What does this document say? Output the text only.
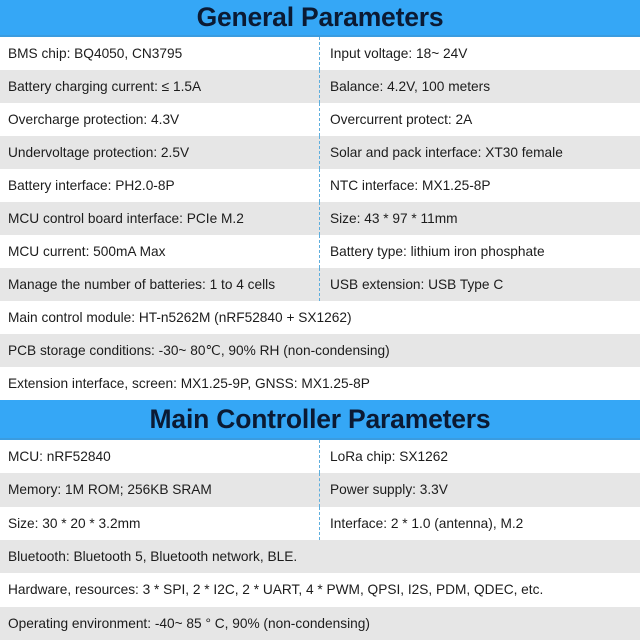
General Parameters
BMS chip: BQ4050, CN3795	Input voltage: 18~ 24V
Battery charging current: ≤ 1.5A	Balance: 4.2V, 100 meters
Overcharge protection: 4.3V	Overcurrent protect: 2A
Undervoltage protection: 2.5V	Solar and pack interface: XT30 female
Battery interface: PH2.0-8P	NTC interface: MX1.25-8P
MCU control board interface: PCIe M.2	Size: 43 * 97 * 11mm
MCU current: 500mA Max	Battery type: lithium iron phosphate
Manage the number of batteries: 1 to 4 cells	USB extension: USB Type C
Main control module: HT-n5262M (nRF52840 + SX1262)
PCB storage conditions: -30~ 80℃, 90% RH (non-condensing)
Extension interface, screen: MX1.25-9P, GNSS: MX1.25-8P
Main Controller Parameters
MCU: nRF52840	LoRa chip: SX1262
Memory: 1M ROM; 256KB SRAM	Power supply: 3.3V
Size: 30 * 20 * 3.2mm	Interface: 2 * 1.0 (antenna), M.2
Bluetooth: Bluetooth 5, Bluetooth network, BLE.
Hardware, resources: 3 * SPI, 2 * I2C, 2 * UART, 4 * PWM, QPSI, I2S, PDM, QDEC, etc.
Operating environment: -40~ 85 ° C, 90% (non-condensing)
